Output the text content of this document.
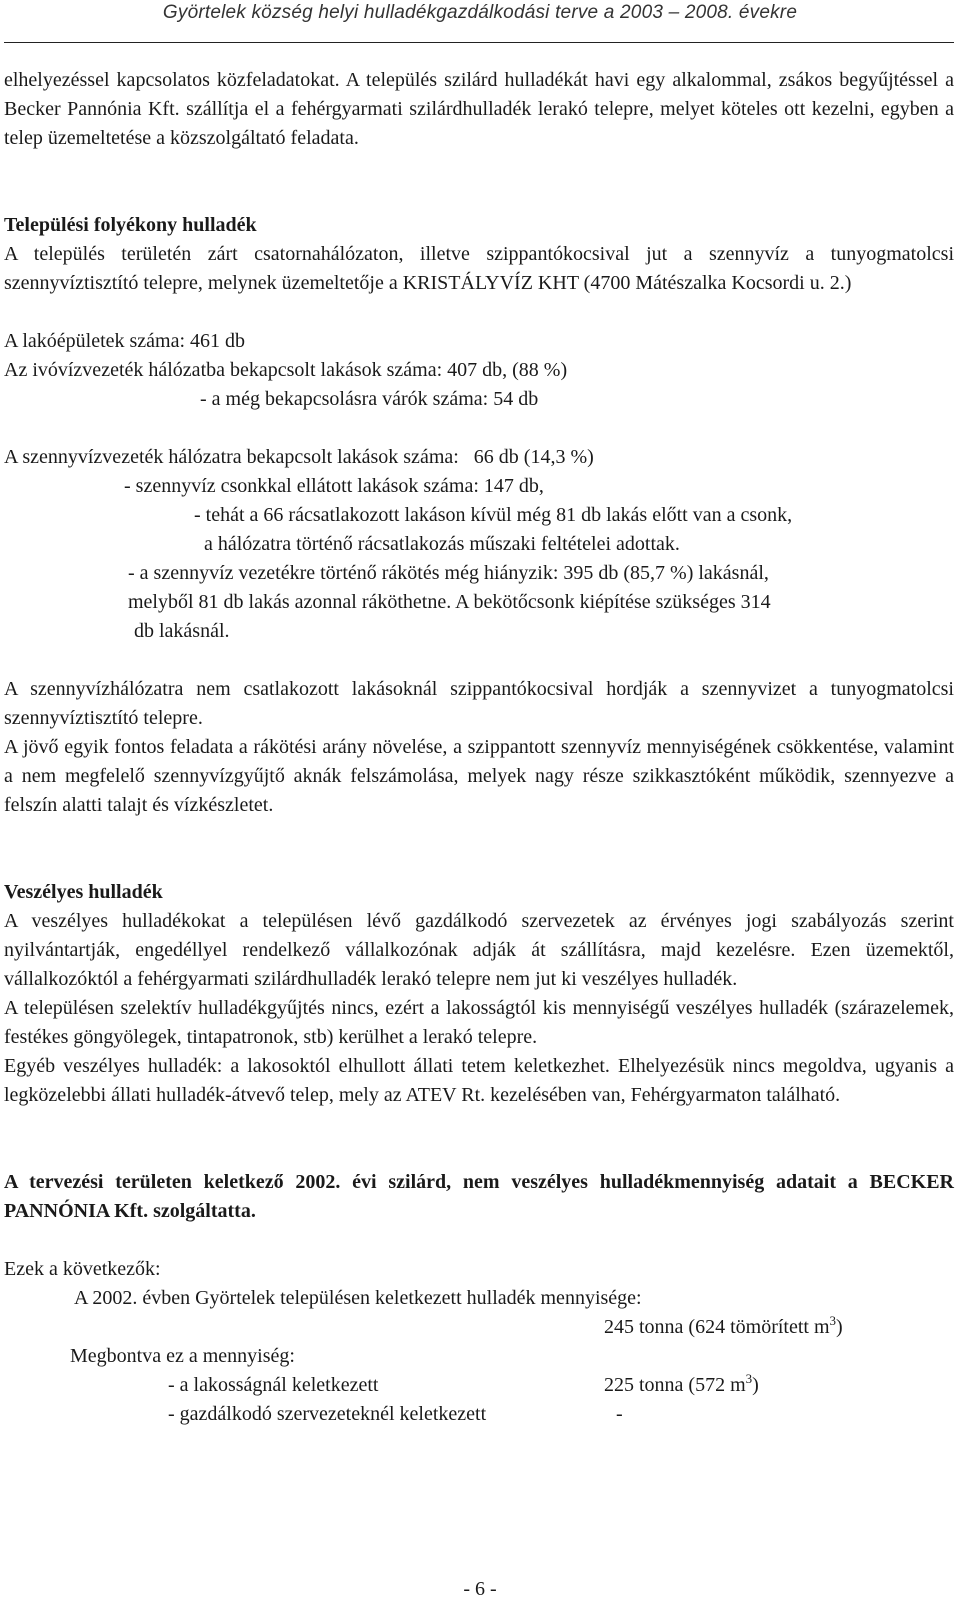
Györtelek község helyi hulladékgazdálkodási terve a 2003 – 2008. évekre

elhelyezéssel kapcsolatos közfeladatokat. A település szilárd hulladékát havi egy alkalommal, zsákos begyűjtéssel a Becker Pannónia Kft. szállítja el a fehérgyarmati szilárdhulladék lerakó telepre, melyet köteles ott kezelni, egyben a telep üzemeltetése a közszolgáltató feladata.

Települési folyékony hulladék

A település területén zárt csatornahálózaton, illetve szippantókocsival jut a szennyvíz a tunyogmatolcsi szennyvíztisztító telepre, melynek üzemeltetője a KRISTÁLYVÍZ KHT (4700 Mátészalka Kocsordi u. 2.)

A lakóépületek száma: 461 db

Az ivóvízvezeték hálózatba bekapcsolt lakások száma: 407 db, (88 %)

- a még bekapcsolásra várók száma: 54 db

A szennyvízvezeték hálózatra bekapcsolt lakások száma:   66 db (14,3 %)

- szennyvíz csonkkal ellátott lakások száma: 147 db,

- tehát a 66 rácsatlakozott lakáson kívül még 81 db lakás előtt van a csonk,

a hálózatra történő rácsatlakozás műszaki feltételei adottak.

- a szennyvíz vezetékre történő rákötés még hiányzik: 395 db (85,7 %) lakásnál,

melyből 81 db lakás azonnal ráköthetne. A bekötőcsonk kiépítése szükséges 314

db lakásnál.

A szennyvízhálózatra nem csatlakozott lakásoknál szippantókocsival hordják a szennyvizet a tunyogmatolcsi szennyvíztisztító telepre.

A jövő egyik fontos feladata a rákötési arány növelése, a szippantott szennyvíz mennyiségének csökkentése, valamint a nem megfelelő szennyvízgyűjtő aknák felszámolása, melyek nagy része szikkasztóként működik, szennyezve a felszín alatti talajt és vízkészletet.

Veszélyes hulladék

A veszélyes hulladékokat a településen lévő gazdálkodó szervezetek az érvényes jogi szabályozás szerint nyilvántartják, engedéllyel rendelkező vállalkozónak adják át szállításra, majd kezelésre. Ezen üzemektől, vállalkozóktól a fehérgyarmati szilárdhulladék lerakó telepre nem jut ki veszélyes hulladék.

A településen szelektív hulladékgyűjtés nincs, ezért a lakosságtól kis mennyiségű veszélyes hulladék (szárazelemek, festékes göngyölegek, tintapatronok, stb) kerülhet a lerakó telepre.

Egyéb veszélyes hulladék: a lakosoktól elhullott állati tetem keletkezhet. Elhelyezésük nincs megoldva, ugyanis a legközelebbi állati hulladék-átvevő telep, mely az ATEV Rt. kezelésében van, Fehérgyarmaton található.

A tervezési területen keletkező 2002. évi szilárd, nem veszélyes hulladékmennyiség adatait a BECKER PANNÓNIA Kft. szolgáltatta.

Ezek a következők:

A 2002. évben Györtelek településen keletkezett hulladék mennyisége:

245 tonna (624 tömörített $m^3$)

Megbontva ez a mennyiség:

- a lakosságnál keletkezett	225 tonna (572 $m^3$)
- gazdálkodó szervezeteknél keletkezett	-
- 6 -
